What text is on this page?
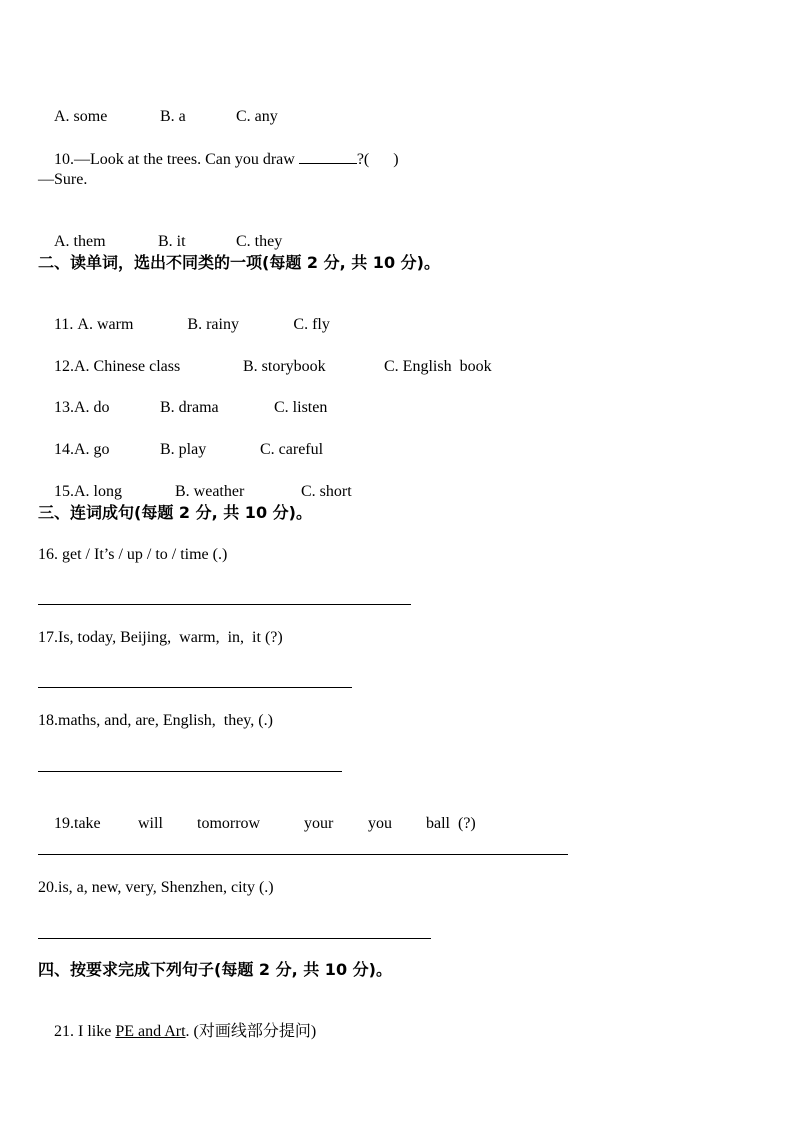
A. some	B. a	C. any

10.—Look at the trees. Can you draw	?(      )

—Sure.

A. them	B. it	C. they

二、读单词，选出不同类的一项(每题 2 分, 共 10 分)。

11. A. warm	B. rainy	C. fly

12.A. Chinese class	B. storybook	C. English  book

13.A. do	B. drama	C. listen

14.A. go	B. play	C. careful

15.A. long	B. weather	C. short

三、连词成句(每题 2 分, 共 10 分)。
16. get / It’s / up / to / time (.)
17.Is, today, Beijing,  warm,  in,  it (?)
18.maths, and, are, English,  they, (.)

19.take will tomorrow	your you ball  (?)

20.is, a, new, very, Shenzhen, city (.)
四、按要求完成下列句子(每题 2 分, 共 10 分)。

21. I like PE and Art. (对画线部分提问)
